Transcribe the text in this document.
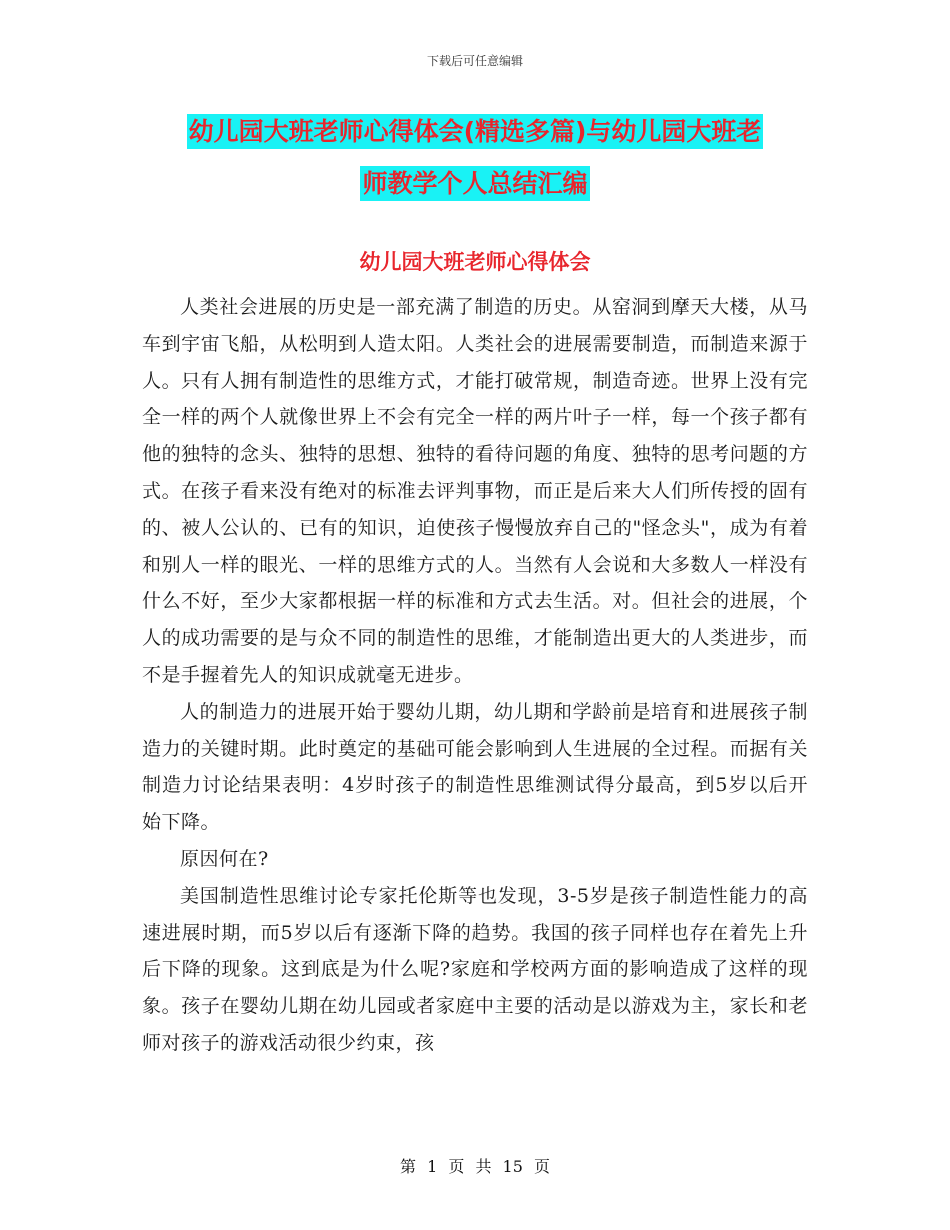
下载后可任意编辑
幼儿园大班老师心得体会(精选多篇)与幼儿园大班老
师教学个人总结汇编
幼儿园大班老师心得体会

人类社会进展的历史是一部充满了制造的历史。从窑洞到摩天大楼，从马车到宇宙飞船，从松明到人造太阳。人类社会的进展需要制造，而制造来源于人。只有人拥有制造性的思维方式，才能打破常规，制造奇迹。世界上没有完全一样的两个人就像世界上不会有完全一样的两片叶子一样，每一个孩子都有他的独特的念头、独特的思想、独特的看待问题的角度、独特的思考问题的方式。在孩子看来没有绝对的标准去评判事物，而正是后来大人们所传授的固有的、被人公认的、已有的知识，迫使孩子慢慢放弃自己的"怪念头"，成为有着和别人一样的眼光、一样的思维方式的人。当然有人会说和大多数人一样没有什么不好，至少大家都根据一样的标准和方式去生活。对。但社会的进展，个人的成功需要的是与众不同的制造性的思维，才能制造出更大的人类进步，而不是手握着先人的知识成就毫无进步。

人的制造力的进展开始于婴幼儿期，幼儿期和学龄前是培育和进展孩子制造力的关键时期。此时奠定的基础可能会影响到人生进展的全过程。而据有关制造力讨论结果表明：4岁时孩子的制造性思维测试得分最高，到5岁以后开始下降。

原因何在?

美国制造性思维讨论专家托伦斯等也发现，3-5岁是孩子制造性能力的高速进展时期，而5岁以后有逐渐下降的趋势。我国的孩子同样也存在着先上升后下降的现象。这到底是为什么呢?家庭和学校两方面的影响造成了这样的现象。孩子在婴幼儿期在幼儿园或者家庭中主要的活动是以游戏为主，家长和老师对孩子的游戏活动很少约束，孩

第 1 页 共 15 页
